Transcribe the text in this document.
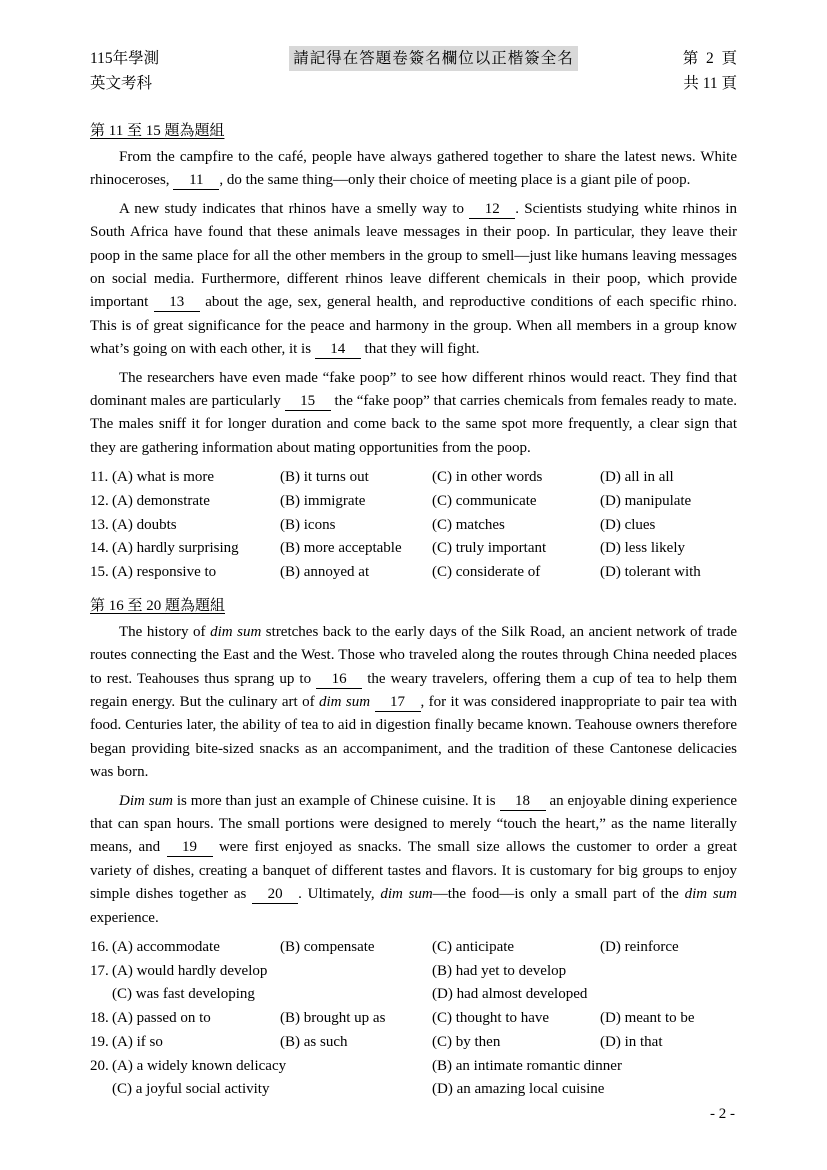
115年學測
英文考科
請記得在答題卷簽名欄位以正楷簽全名	第  2  頁
共 11 頁
第 11 至 15 題為題組

From the campfire to the café, people have always gathered together to share the latest news. White rhinoceroses, 11 , do the same thing—only their choice of meeting place is a giant pile of poop.

A new study indicates that rhinos have a smelly way to 12 . Scientists studying white rhinos in South Africa have found that these animals leave messages in their poop. In particular, they leave their poop in the same place for all the other members in the group to smell—just like humans leaving messages on social media. Furthermore, different rhinos leave different chemicals in their poop, which provide important 13 about the age, sex, general health, and reproductive conditions of each specific rhino. This is of great significance for the peace and harmony in the group. When all members in a group know what’s going on with each other, it is 14 that they will fight.

The researchers have even made “fake poop” to see how different rhinos would react. They find that dominant males are particularly 15 the “fake poop” that carries chemicals from females ready to mate. The males sniff it for longer duration and come back to the same spot more frequently, a clear sign that they are gathering information about mating opportunities from the poop.

11. (A) what is more	(B) it turns out	(C) in other words	(D) all in all
12. (A) demonstrate	(B) immigrate	(C) communicate	(D) manipulate
13. (A) doubts	(B) icons	(C) matches	(D) clues
14. (A) hardly surprising	(B) more acceptable	(C) truly important	(D) less likely
15. (A) responsive to	(B) annoyed at	(C) considerate of	(D) tolerant with
第 16 至 20 題為題組

The history of dim sum stretches back to the early days of the Silk Road, an ancient network of trade routes connecting the East and the West. Those who traveled along the routes through China needed places to rest. Teahouses thus sprang up to 16 the weary travelers, offering them a cup of tea to help them regain energy. But the culinary art of dim sum 17 , for it was considered inappropriate to pair tea with food. Centuries later, the ability of tea to aid in digestion finally became known. Teahouse owners therefore began providing bite-sized snacks as an accompaniment, and the tradition of these Cantonese delicacies was born.

Dim sum is more than just an example of Chinese cuisine. It is 18 an enjoyable dining experience that can span hours. The small portions were designed to merely “touch the heart,” as the name literally means, and 19 were first enjoyed as snacks. The small size allows the customer to order a great variety of dishes, creating a banquet of different tastes and flavors. It is customary for big groups to enjoy simple dishes together as 20 . Ultimately, dim sum—the food—is only a small part of the dim sum experience.

16. (A) accommodate	(B) compensate	(C) anticipate	(D) reinforce
17. (A) would hardly develop	(B) had yet to develop
(C) was fast developing	(D) had almost developed
18. (A) passed on to	(B) brought up as	(C) thought to have	(D) meant to be
19. (A) if so	(B) as such	(C) by then	(D) in that
20. (A) a widely known delicacy	(B) an intimate romantic dinner
(C) a joyful social activity	(D) an amazing local cuisine
- 2 -
